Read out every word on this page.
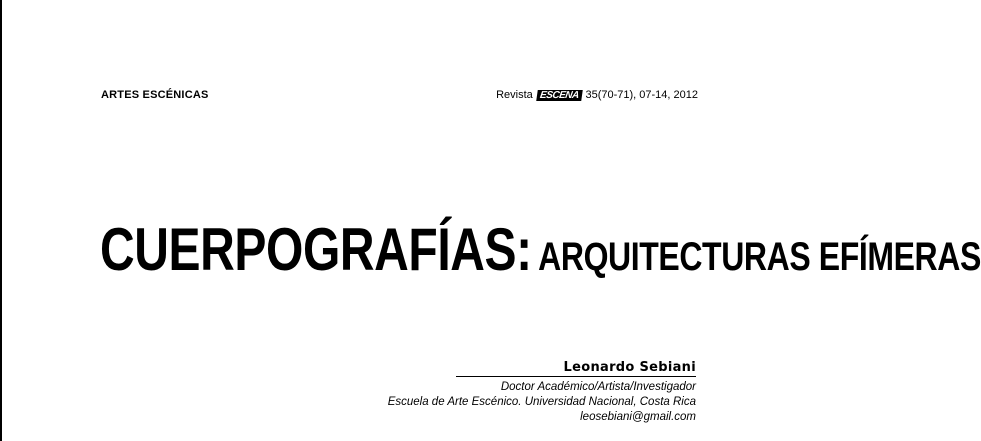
ARTES ESCÉNICAS	Revista ESCENA 35(70-71), 07-14, 2012
CUERPOGRAFÍAS: ARQUITECTURAS EFÍMERAS
Leonardo Sebiani
Doctor Académico/Artista/Investigador
Escuela de Arte Escénico. Universidad Nacional, Costa Rica
leosebiani@gmail.com
